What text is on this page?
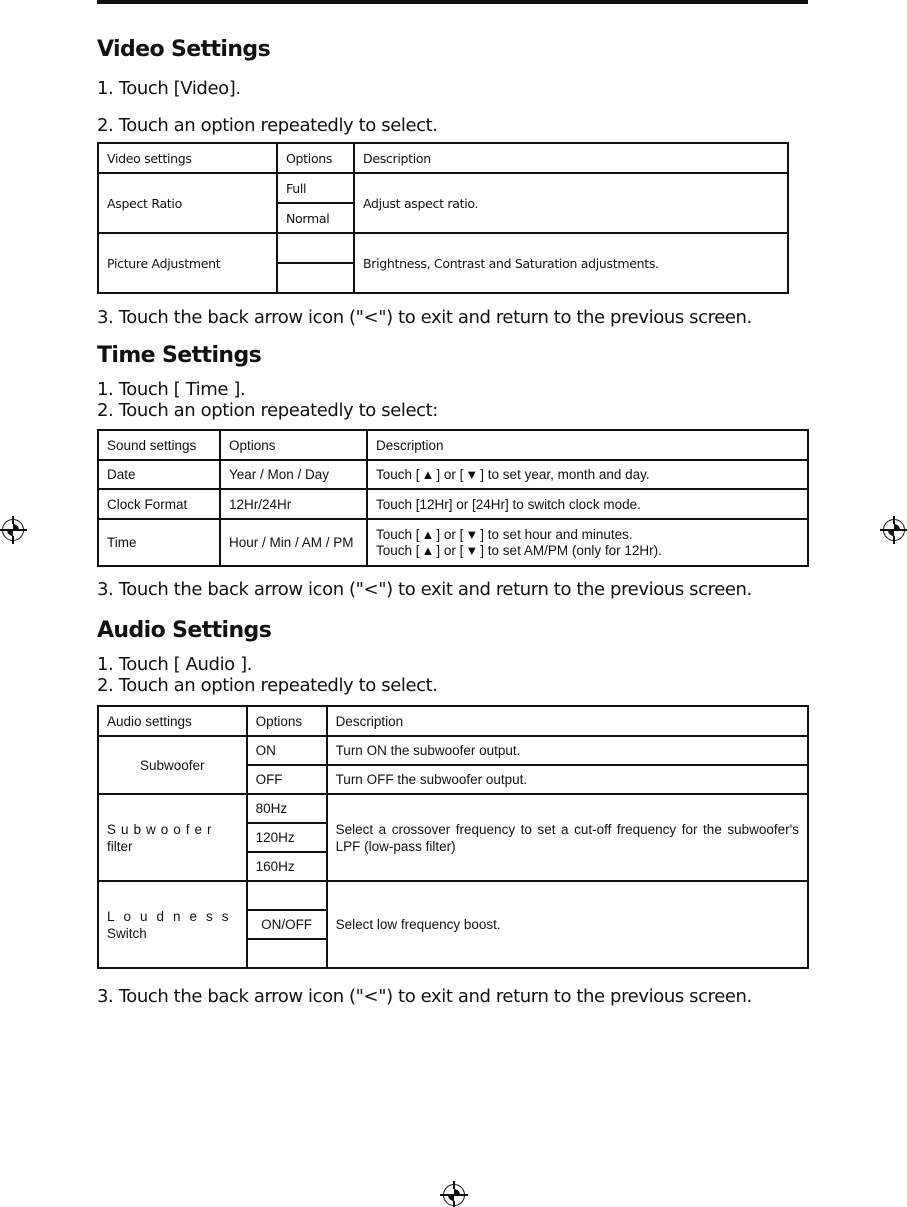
Video Settings
1. Touch [Video].
2. Touch an option repeatedly to select.
Video settings	Options	Description
Aspect Ratio	Full	Adjust aspect ratio.
	Normal	
Picture Adjustment		Brightness, Contrast and Saturation adjustments.

3. Touch the back arrow icon ("<") to exit and return to the previous screen.
Time Settings
1. Touch [ Time ].
2. Touch an option repeatedly to select:
Sound settings	Options	Description
Date	Year / Mon / Day	Touch [ ▲ ] or [ ▼ ] to set year, month and day.
Clock Format	12Hr/24Hr	Touch [12Hr] or [24Hr] to switch clock mode.
Time	Hour / Min / AM / PM	Touch [ ▲ ] or [ ▼ ] to set hour and minutes.
Touch [ ▲ ] or [ ▼ ] to set AM/PM (only for 12Hr).
3. Touch the back arrow icon ("<") to exit and return to the previous screen.
Audio Settings
1. Touch [ Audio ].
2. Touch an option repeatedly to select.
Audio settings	Options	Description
Subwoofer	ON	Turn ON the subwoofer output.
	OFF	Turn OFF the subwoofer output.

Subwoofer
filter	80Hz	Select a crossover frequency to set a cut-off frequency for the subwoofer's LPF (low-pass filter)
	120Hz	
	160Hz	

Loudness
Switch		Select low frequency boost.
	ON/OFF	

3. Touch the back arrow icon ("<") to exit and return to the previous screen.
